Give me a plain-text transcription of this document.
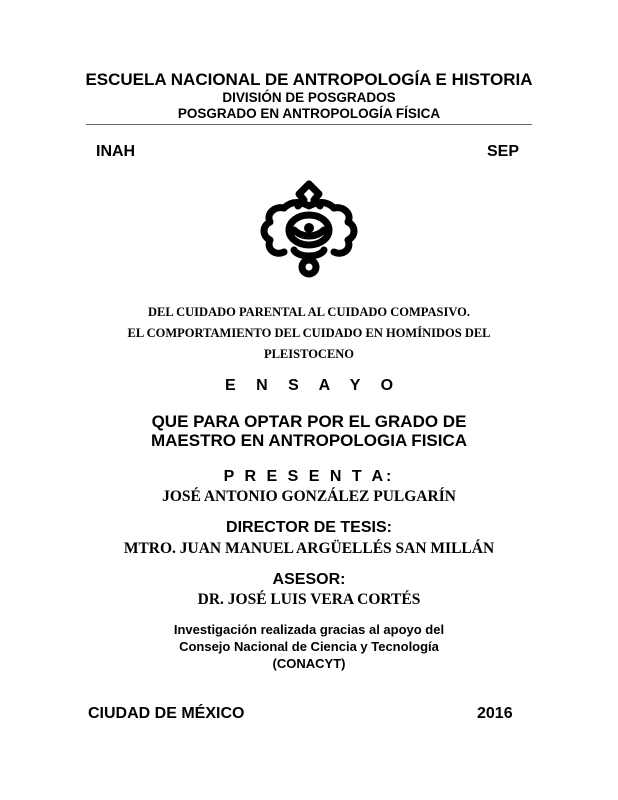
ESCUELA NACIONAL DE ANTROPOLOGÍA E HISTORIA
DIVISIÓN DE POSGRADOS
POSGRADO EN ANTROPOLOGÍA FÍSICA
INAH	SEP
DEL CUIDADO PARENTAL AL CUIDADO COMPASIVO.
EL COMPORTAMIENTO DEL CUIDADO EN HOMÍNIDOS DEL
PLEISTOCENO
E N S A Y O
QUE PARA OPTAR POR EL GRADO DE
MAESTRO EN ANTROPOLOGIA FISICA
P R E S E N T A:
JOSÉ ANTONIO GONZÁLEZ PULGARÍN
DIRECTOR DE TESIS:
MTRO. JUAN MANUEL ARGÜELLÉS SAN MILLÁN
ASESOR:
DR. JOSÉ LUIS VERA CORTÉS
Investigación realizada gracias al apoyo del
Consejo Nacional de Ciencia y Tecnología
(CONACYT)
CIUDAD DE MÉXICO	2016
